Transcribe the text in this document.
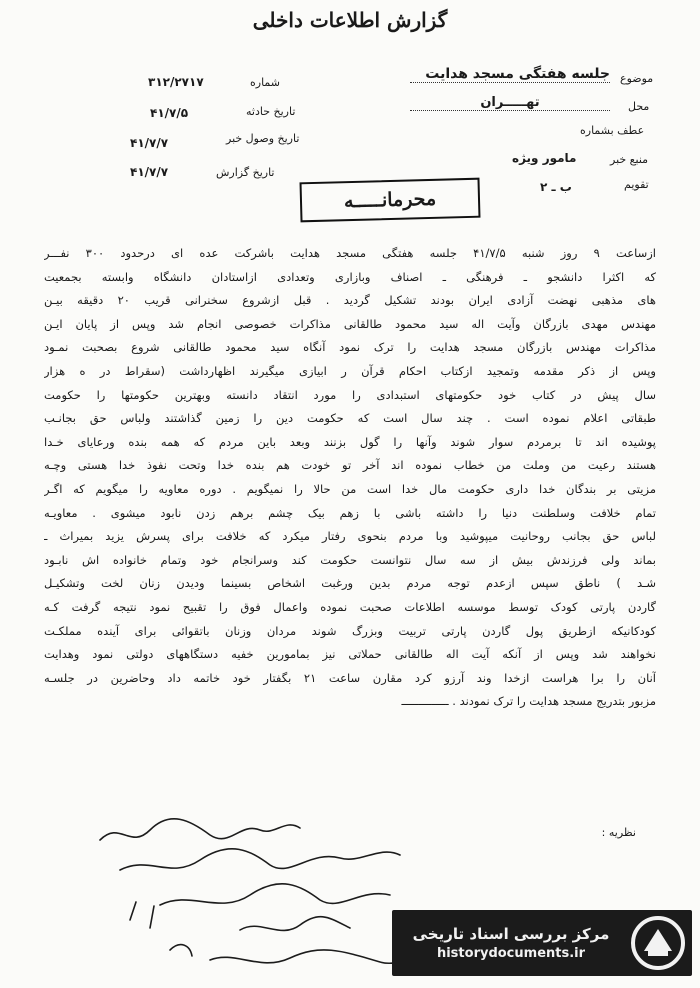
گزارش اطلاعات داخلی
شماره
۳۱۲/۲۷۱۷
تاریخ حادثه
۴۱/۷/۵
تاریخ وصول خبر
۴۱/۷/۷
تاریخ گزارش
۴۱/۷/۷
موضوع
جلسه هفتگی مسجد هدایت
محل
تهـــــران
عطف بشماره
منبع خبر
مامور ویژه
تقویم
ب ـ ۲
محرمانـــــه
ازساعت ۹ روز شنبه ۴۱/۷/۵ جلسه هفتگی مسجد هدایت باشرکت عده ای درحدود ۳۰۰ نفـــر
که اکثرا دانشجو ـ فرهنگی ـ اصناف وبازاری وتعدادی ازاستادان دانشگاه وابسته بجمعیت
های مذهبی نهضت آزادی ایران بودند تشکیل گردید . قبل ازشروع سخنرانی قریب ۲۰ دقیقه بیـن
مهندس مهدی بازرگان وآیت اله سید محمود طالقانی مذاکرات خصوصی انجام شد وپس از پایان ایـن
مذاکرات مهندس بازرگان مسجد هدایت را ترک نمود آنگاه سید محمود طالقانی شروع بصحبت نمـود
وپس از ذکر مقدمه وتمجید ازکتاب احکام قرآن ر ابیازی میگیرند اظهارداشت (سقراط در ه هزار
سال پیش در کتاب خود حکومتهای استبدادی را مورد انتقاد دانسته وبهترین حکومتها را حکومت
طبقاتی اعلام نموده است . چند سال است که حکومت دین را زمین گذاشتند ولباس حق بجانـب
پوشیده اند تا برمردم سوار شوند وآنها را گول بزنند وبعد باین مردم که همه بنده ورعایای خـدا
هستند رعیت من وملت من خطاب نموده اند آخر تو خودت هم بنده خدا وتحت نفوذ خدا هستی وچـه
مزیتی بر بندگان خدا داری حکومت مال خدا است من حالا را نمیگویم . دوره معاویه را میگویم که اگـر
تمام خلافت وسلطنت دنیا را داشته باشی با زهم بیک چشم برهم زدن نابود میشوی . معاویـه
لباس حق بجانب روحانیت میپوشید وبا مردم بنحوی رفتار میکرد که خلافت برای پسرش یزید بمیراث ـ
بماند ولی فرزندش بیش از سه سال نتوانست حکومت کند وسرانجام خود وتمام خانواده اش نابـود
شـد ) ناطق سپس ازعدم توجه مردم بدین ورغبت اشخاص بسینما ودیدن زنان لخت وتشکیـل
گاردن پارتی کودک توسط موسسه اطلاعات صحبت نموده واعمال فوق را تقبیح نمود نتیجه گرفت کـه
کودکانیکه ازطریق پول گاردن پارتی تربیت وبزرگ شوند مردان وزنان باتقوائی برای آینده مملکـت
نخواهند شد وپس از آنکه آیت اله طالقانی حملاتی نیز بمامورین خفیه دستگاههای دولتی نمود وهدایت
آنان را برا هراست ازخدا وند آرزو کرد مقارن ساعت ۲۱ بگفتار خود خاتمه داد وحاضرین در جلسـه
مزبور بتدریج مسجد هدایت را ترک نمودند . ــــــــــــــ
نظریه :
مرکز بررسی اسناد تاریخی
historydocuments.ir
